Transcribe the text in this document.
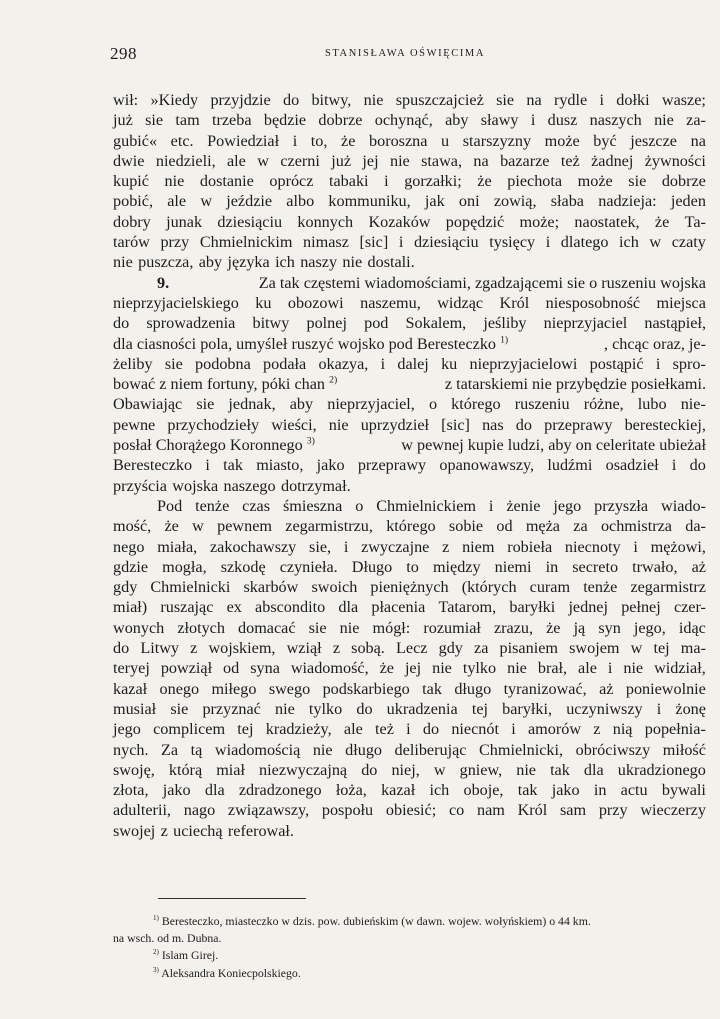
298	STANISŁAWA OŚWIĘCIMA
wił: »Kiedy przyjdzie do bitwy, nie spuszczajcież sie na rydle i dołki wasze;
już sie tam trzeba będzie dobrze ochynąć, aby sławy i dusz naszych nie za-
gubić« etc. Powiedział i to, że boroszna u starszyzny może być jeszcze na
dwie niedzieli, ale w czerni już jej nie stawa, na bazarze też żadnej żywności
kupić nie dostanie oprócz tabaki i gorzałki; że piechota może sie dobrze
pobić, ale w jeździe albo kommuniku, jak oni zowią, słaba nadzieja: jeden
dobry junak dziesiąciu konnych Kozaków popędzić może; naostatek, że Ta-
tarów przy Chmielnickim nimasz [sic] i dziesiąciu tysięcy i dlatego ich w czaty
nie puszcza, aby języka ich naszy nie dostali.
9.	Za tak częstemi wiadomościami, zgadzającemi sie o ruszeniu wojska
nieprzyjacielskiego ku obozowi naszemu, widząc Król niesposobność miejsca
do sprowadzenia bitwy polnej pod Sokalem, jeśliby nieprzyjaciel nastąpieł,
dla ciasności pola, umyśleł ruszyć wojsko pod Beresteczko $^{1)}$	, chcąc oraz, je-
żeliby sie podobna podała okazya, i dalej ku nieprzyjacielowi postąpić i spro-
bować z niem fortuny, póki chan $^{2)}$	z tatarskiemi nie przybędzie posiełkami.
Obawiając sie jednak, aby nieprzyjaciel, o którego ruszeniu różne, lubo nie-
pewne przychodzieły wieści, nie uprzydzieł [sic] nas do przeprawy beresteckiej,
posłał Chorążego Koronnego $^{3)}$	w pewnej kupie ludzi, aby on celeritate ubieżał
Beresteczko i tak miasto, jako przeprawy opanowawszy, ludźmi osadzieł i do
przyścia wojska naszego dotrzymał.
Pod tenże czas śmieszna o Chmielnickiem i żenie jego przyszła wiado-
mość, że w pewnem zegarmistrzu, którego sobie od męża za ochmistrza da-
nego miała, zakochawszy sie, i zwyczajne z niem robieła niecnoty i mężowi,
gdzie mogła, szkodę czynieła. Długo to między niemi in secreto trwało, aż
gdy Chmielnicki skarbów swoich pieniężnych (których curam tenże zegarmistrz
miał) ruszając ex abscondito dla płacenia Tatarom, baryłki jednej pełnej czer-
wonych złotych domacać sie nie mógł: rozumiał zrazu, że ją syn jego, idąc
do Litwy z wojskiem, wziął z sobą. Lecz gdy za pisaniem swojem w tej ma-
teryej powziął od syna wiadomość, że jej nie tylko nie brał, ale i nie widział,
kazał onego miłego swego podskarbiego tak długo tyranizować, aż poniewolnie
musiał sie przyznać nie tylko do ukradzenia tej baryłki, uczyniwszy i żonę
jego complicem tej kradzieży, ale też i do niecnót i amorów z nią popełnia-
nych. Za tą wiadomością nie długo deliberując Chmielnicki, obróciwszy miłość
swoję, którą miał niezwyczajną do niej, w gniew, nie tak dla ukradzionego
złota, jako dla zdradzonego łoża, kazał ich oboje, tak jako in actu bywali
adulterii, nago związawszy, pospołu obiesić; co nam Król sam przy wieczerzy
swojej z uciechą referował.
$^{1)}$ Beresteczko, miasteczko w dzis. pow. dubieńskim (w dawn. wojew. wołyńskiem) o 44 km.
na wsch. od m. Dubna.
$^{2)}$ Islam Girej.
$^{3)}$ Aleksandra Koniecpolskiego.
